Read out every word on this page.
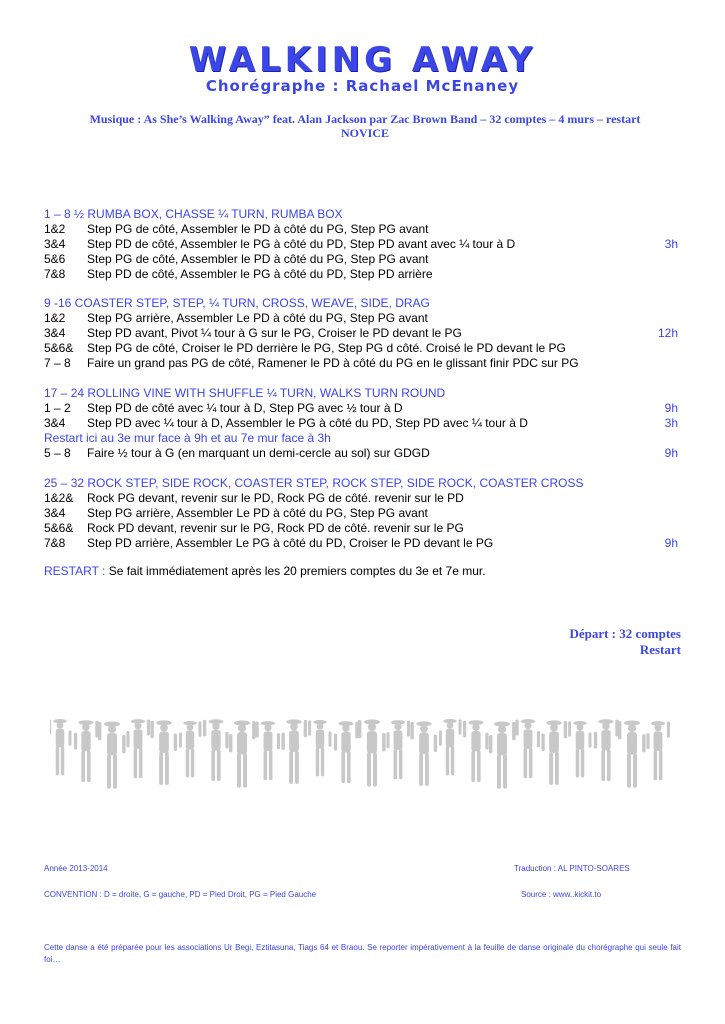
WALKING AWAY
Chorégraphe : Rachael McEnaney
Musique : As She’s Walking Away” feat. Alan Jackson par Zac Brown Band – 32 comptes – 4 murs – restart
NOVICE
1 – 8 ½ RUMBA BOX, CHASSE ¼ TURN, RUMBA BOX
1&2 Step PG de côté, Assembler le PD à côté du PG, Step PG avant
3&4 Step PD de côté, Assembler le PG à côté du PD, Step PD avant avec ¼ tour à D	3h
5&6 Step PG de côté, Assembler le PD à côté du PG, Step PG avant
7&8 Step PD de côté, Assembler le PG à côté du PD, Step PD arrière
9 -16 COASTER STEP, STEP, ¼ TURN, CROSS, WEAVE, SIDE, DRAG
1&2 Step PG arrière, Assembler Le PD à côté du PG, Step PG avant
3&4 Step PD avant, Pivot ¼ tour à G sur le PG, Croiser le PD devant le PG	12h
5&6& Step PG de côté, Croiser le PD derrière le PG, Step PG d côté. Croisé le PD devant le PG
7 – 8 Faire un grand pas PG de côté, Ramener le PD à côté du PG en le glissant finir PDC sur PG
17 – 24 ROLLING VINE WITH SHUFFLE ¼ TURN, WALKS TURN ROUND
1 – 2 Step PD de côté avec ¼ tour à D, Step PG avec ½ tour à D	9h
3&4 Step PD avec ¼ tour à D, Assembler le PG à côté du PD, Step PD avec ¼ tour à D	3h
Restart ici au 3e mur face à 9h et au 7e mur face à 3h
5 – 8 Faire ½ tour à G (en marquant un demi-cercle au sol) sur GDGD	9h
25 – 32 ROCK STEP, SIDE ROCK, COASTER STEP, ROCK STEP, SIDE ROCK, COASTER CROSS
1&2& Rock PG devant, revenir sur le PD, Rock PG de côté. revenir sur le PD
3&4 Step PG arrière, Assembler Le PD à côté du PG, Step PG avant
5&6& Rock PD devant, revenir sur le PG, Rock PD de côté. revenir sur le PG
7&8 Step PD arrière, Assembler Le PG à côté du PD, Croiser le PD devant le PG	9h
RESTART : Se fait immédiatement après les 20 premiers comptes du 3e et 7e mur.
Départ : 32 comptes
Restart
Année 2013-2014	Traduction : AL PINTO-SOARES
CONVENTION : D = droite, G = gauche, PD = Pied Droit, PG = Pied Gauche	Source : www..kickit.to
Cette danse a été préparée pour les associations Ur Begi, Eztitasuna, Tiags 64 et Braou. Se reporter impérativement à la feuille de danse originale du chorégraphe qui seule fait foi…
